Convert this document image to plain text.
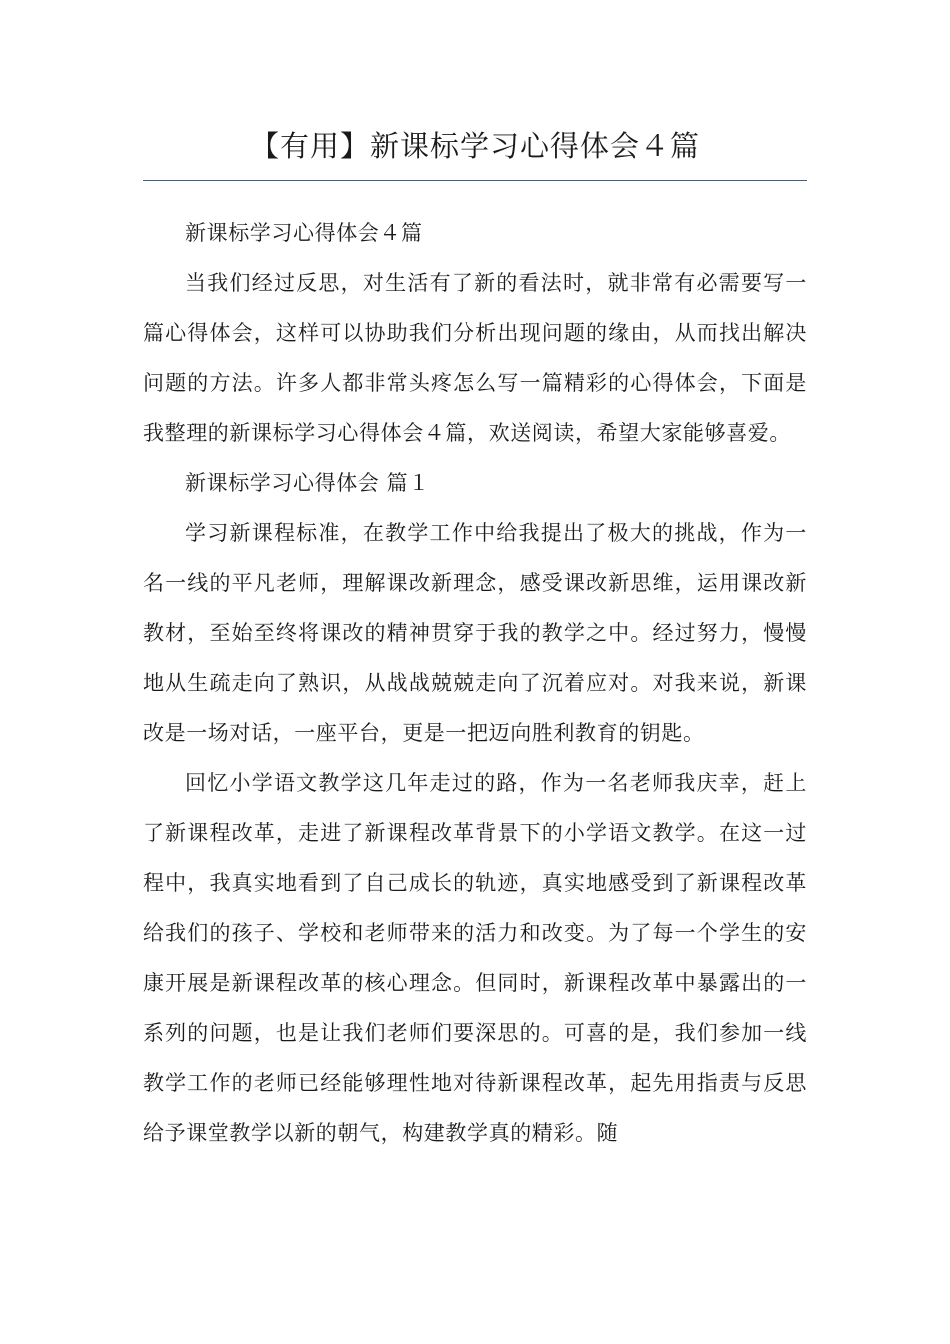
【有用】新课标学习心得体会４篇

新课标学习心得体会４篇

当我们经过反思，对生活有了新的看法时，就非常有必需要写一篇心得体会，这样可以协助我们分析出现问题的缘由，从而找出解决问题的方法。许多人都非常头疼怎么写一篇精彩的心得体会，下面是我整理的新课标学习心得体会４篇，欢送阅读，希望大家能够喜爱。

新课标学习心得体会 篇１

学习新课程标准，在教学工作中给我提出了极大的挑战，作为一名一线的平凡老师，理解课改新理念，感受课改新思维，运用课改新教材，至始至终将课改的精神贯穿于我的教学之中。经过努力，慢慢地从生疏走向了熟识，从战战兢兢走向了沉着应对。对我来说，新课改是一场对话，一座平台，更是一把迈向胜利教育的钥匙。

回忆小学语文教学这几年走过的路，作为一名老师我庆幸，赶上了新课程改革，走进了新课程改革背景下的小学语文教学。在这一过程中，我真实地看到了自己成长的轨迹，真实地感受到了新课程改革给我们的孩子、学校和老师带来的活力和改变。为了每一个学生的安康开展是新课程改革的核心理念。但同时，新课程改革中暴露出的一系列的问题，也是让我们老师们要深思的。可喜的是，我们参加一线教学工作的老师已经能够理性地对待新课程改革，起先用指责与反思给予课堂教学以新的朝气，构建教学真的精彩。随
